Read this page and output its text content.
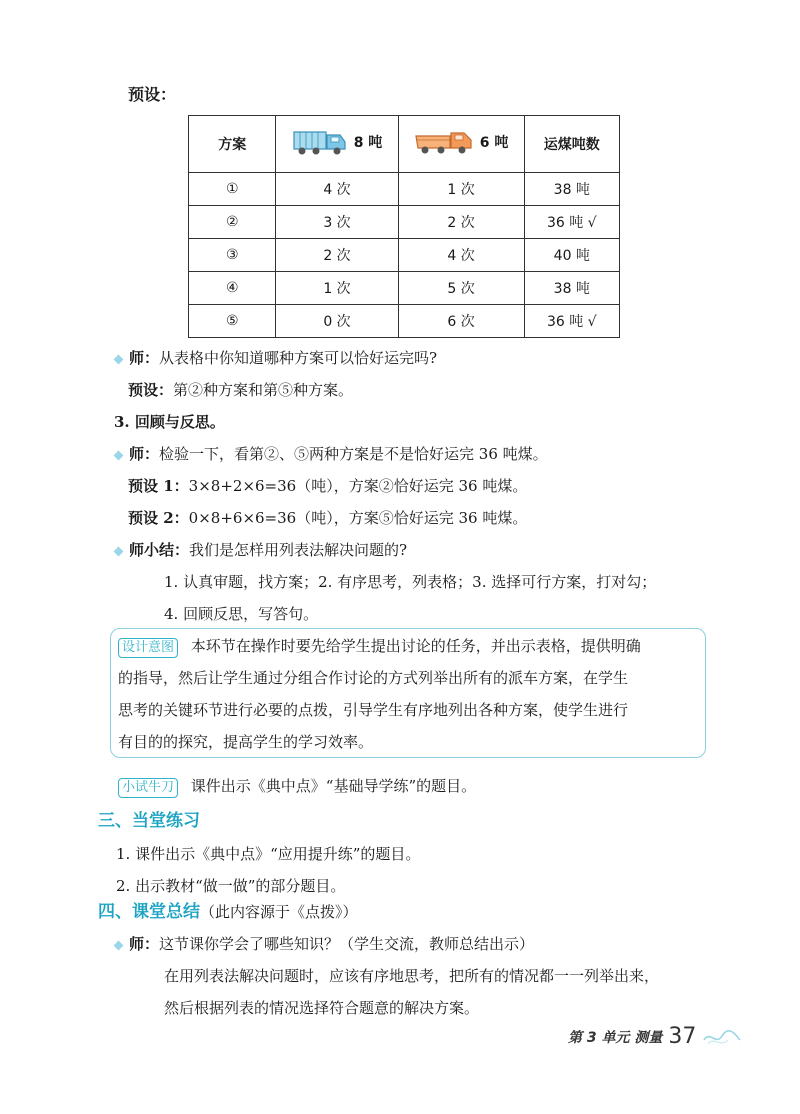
预设：
方案	8 吨	6 吨	运煤吨数
①	4 次	1 次	38 吨
②	3 次	2 次	36 吨 √
③	2 次	4 次	40 吨
④	1 次	5 次	38 吨
⑤	0 次	6 次	36 吨 √
师：从表格中你知道哪种方案可以恰好运完吗?
预设：第②种方案和第⑤种方案。
3. 回顾与反思。
师：检验一下，看第②、⑤两种方案是不是恰好运完 36 吨煤。
预设 1：3×8+2×6=36（吨），方案②恰好运完 36 吨煤。
预设 2：0×8+6×6=36（吨），方案⑤恰好运完 36 吨煤。
师小结：我们是怎样用列表法解决问题的?
1. 认真审题，找方案；2. 有序思考，列表格；3. 选择可行方案，打对勾；
4. 回顾反思，写答句。
设计意图 本环节在操作时要先给学生提出讨论的任务，并出示表格，提供明确
的指导，然后让学生通过分组合作讨论的方式列举出所有的派车方案，在学生
思考的关键环节进行必要的点拨，引导学生有序地列出各种方案，使学生进行
有目的的探究，提高学生的学习效率。
小试牛刀 课件出示《典中点》“基础导学练”的题目。
三、当堂练习
1. 课件出示《典中点》“应用提升练”的题目。
2. 出示教材“做一做”的部分题目。
四、课堂总结（此内容源于《点拨》）
师：这节课你学会了哪些知识？（学生交流，教师总结出示）
在用列表法解决问题时，应该有序地思考，把所有的情况都一一列举出来，
然后根据列表的情况选择符合题意的解决方案。
第 3 单元 测量 37
